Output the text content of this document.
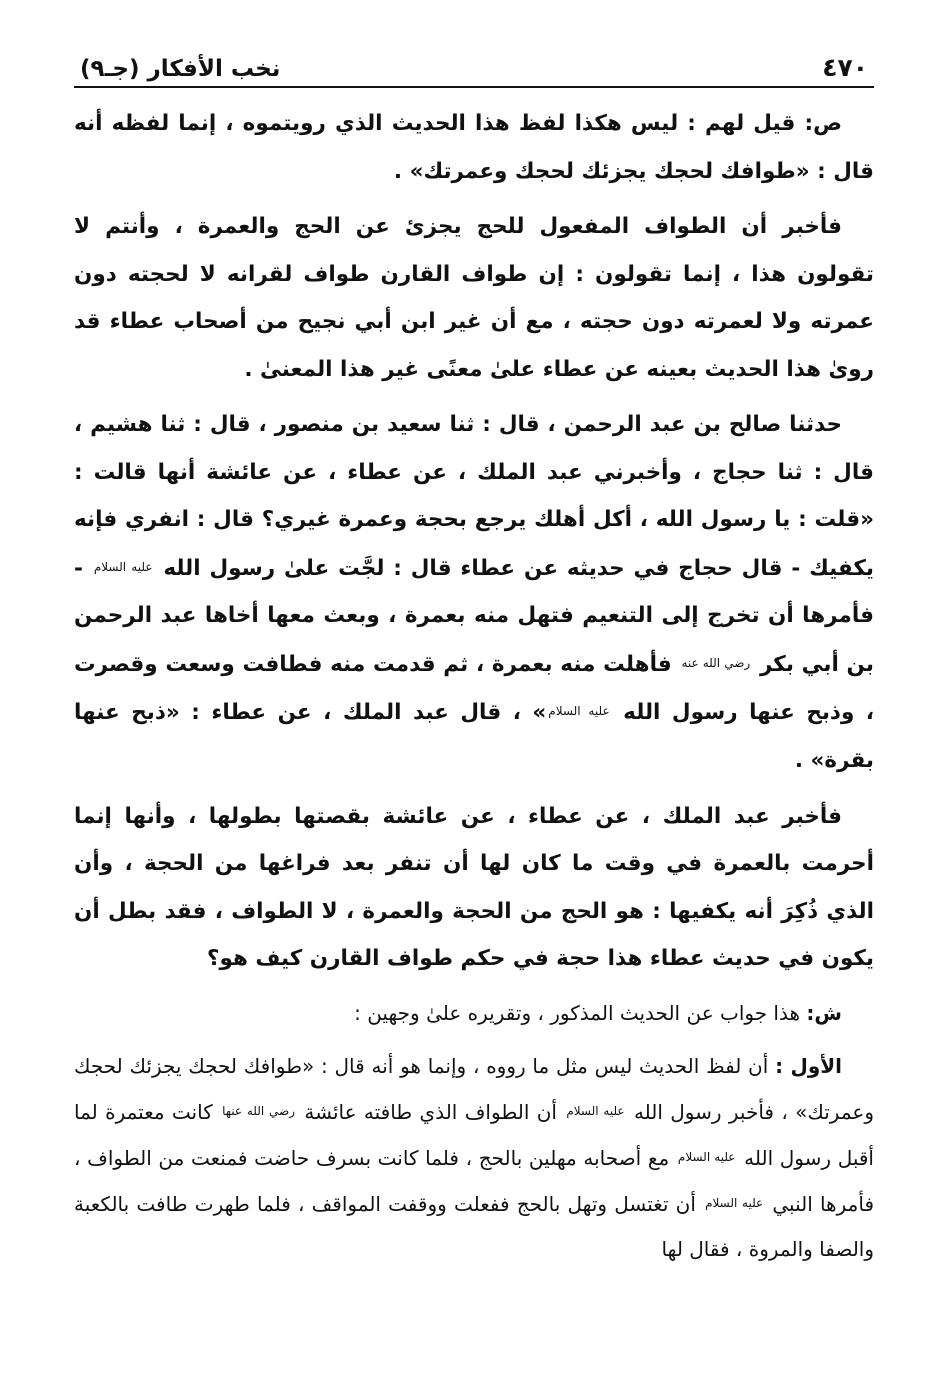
٤٧٠
نخب الأفكار (جـ٩)

ص: قيل لهم : ليس هكذا لفظ هذا الحديث الذي رويتموه ، إنما لفظه أنه قال : «طوافك لحجك يجزئك لحجك وعمرتك» .

فأخبر أن الطواف المفعول للحج يجزئ عن الحج والعمرة ، وأنتم لا تقولون هذا ، إنما تقولون : إن طواف القارن طواف لقرانه لا لحجته دون عمرته ولا لعمرته دون حجته ، مع أن غير ابن أبي نجيح من أصحاب عطاء قد روىٰ هذا الحديث بعينه عن عطاء علىٰ معنًى غير هذا المعنىٰ .

حدثنا صالح بن عبد الرحمن ، قال : ثنا سعيد بن منصور ، قال : ثنا هشيم ، قال : ثنا حجاج ، وأخبرني عبد الملك ، عن عطاء ، عن عائشة أنها قالت : «قلت : يا رسول الله ، أكل أهلك يرجع بحجة وعمرة غيري؟ قال : انفري فإنه يكفيك - قال حجاج في حديثه عن عطاء قال : لجَّت علىٰ رسول الله عليه السلام - فأمرها أن تخرج إلى التنعيم فتهل منه بعمرة ، وبعث معها أخاها عبد الرحمن بن أبي بكر رضي الله عنه فأهلت منه بعمرة ، ثم قدمت منه فطافت وسعت وقصرت ، وذبح عنها رسول الله عليه السلام» ، قال عبد الملك ، عن عطاء : «ذبح عنها بقرة» .

فأخبر عبد الملك ، عن عطاء ، عن عائشة بقصتها بطولها ، وأنها إنما أحرمت بالعمرة في وقت ما كان لها أن تنفر بعد فراغها من الحجة ، وأن الذي ذُكِرَ أنه يكفيها : هو الحج من الحجة والعمرة ، لا الطواف ، فقد بطل أن يكون في حديث عطاء هذا حجة في حكم طواف القارن كيف هو؟

ش: هذا جواب عن الحديث المذكور ، وتقريره علىٰ وجهين :

الأول : أن لفظ الحديث ليس مثل ما رووه ، وإنما هو أنه قال : «طوافك لحجك يجزئك لحجك وعمرتك» ، فأخبر رسول الله $^{عليه السلام}$ أن الطواف الذي طافته عائشة $^{رضي الله عنها}$ كانت معتمرة لما أقبل رسول الله $^{عليه السلام}$ مع أصحابه مهلين بالحج ، فلما كانت بسرف حاضت فمنعت من الطواف ، فأمرها النبي $^{عليه السلام}$ أن تغتسل وتهل بالحج ففعلت ووقفت المواقف ، فلما طهرت طافت بالكعبة والصفا والمروة ، فقال لها
